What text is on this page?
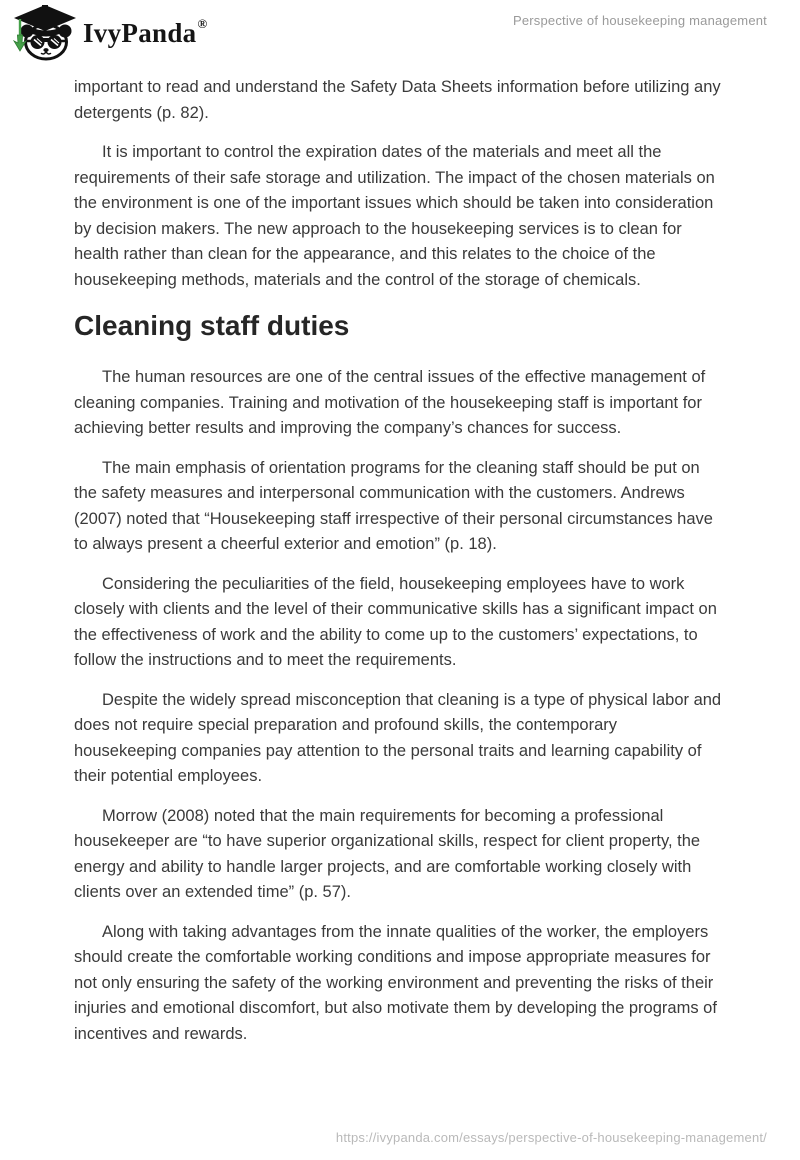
IvyPanda ®	Perspective of housekeeping management

important to read and understand the Safety Data Sheets information before utilizing any detergents (p. 82).

It is important to control the expiration dates of the materials and meet all the requirements of their safe storage and utilization. The impact of the chosen materials on the environment is one of the important issues which should be taken into consideration by decision makers. The new approach to the housekeeping services is to clean for health rather than clean for the appearance, and this relates to the choice of the housekeeping methods, materials and the control of the storage of chemicals.

Cleaning staff duties

The human resources are one of the central issues of the effective management of cleaning companies. Training and motivation of the housekeeping staff is important for achieving better results and improving the company’s chances for success.

The main emphasis of orientation programs for the cleaning staff should be put on the safety measures and interpersonal communication with the customers. Andrews (2007) noted that “Housekeeping staff irrespective of their personal circumstances have to always present a cheerful exterior and emotion” (p. 18).

Considering the peculiarities of the field, housekeeping employees have to work closely with clients and the level of their communicative skills has a significant impact on the effectiveness of work and the ability to come up to the customers’ expectations, to follow the instructions and to meet the requirements.

Despite the widely spread misconception that cleaning is a type of physical labor and does not require special preparation and profound skills, the contemporary housekeeping companies pay attention to the personal traits and learning capability of their potential employees.

Morrow (2008) noted that the main requirements for becoming a professional housekeeper are “to have superior organizational skills, respect for client property, the energy and ability to handle larger projects, and are comfortable working closely with clients over an extended time” (p. 57).

Along with taking advantages from the innate qualities of the worker, the employers should create the comfortable working conditions and impose appropriate measures for not only ensuring the safety of the working environment and preventing the risks of their injuries and emotional discomfort, but also motivate them by developing the programs of incentives and rewards.

https://ivypanda.com/essays/perspective-of-housekeeping-management/
